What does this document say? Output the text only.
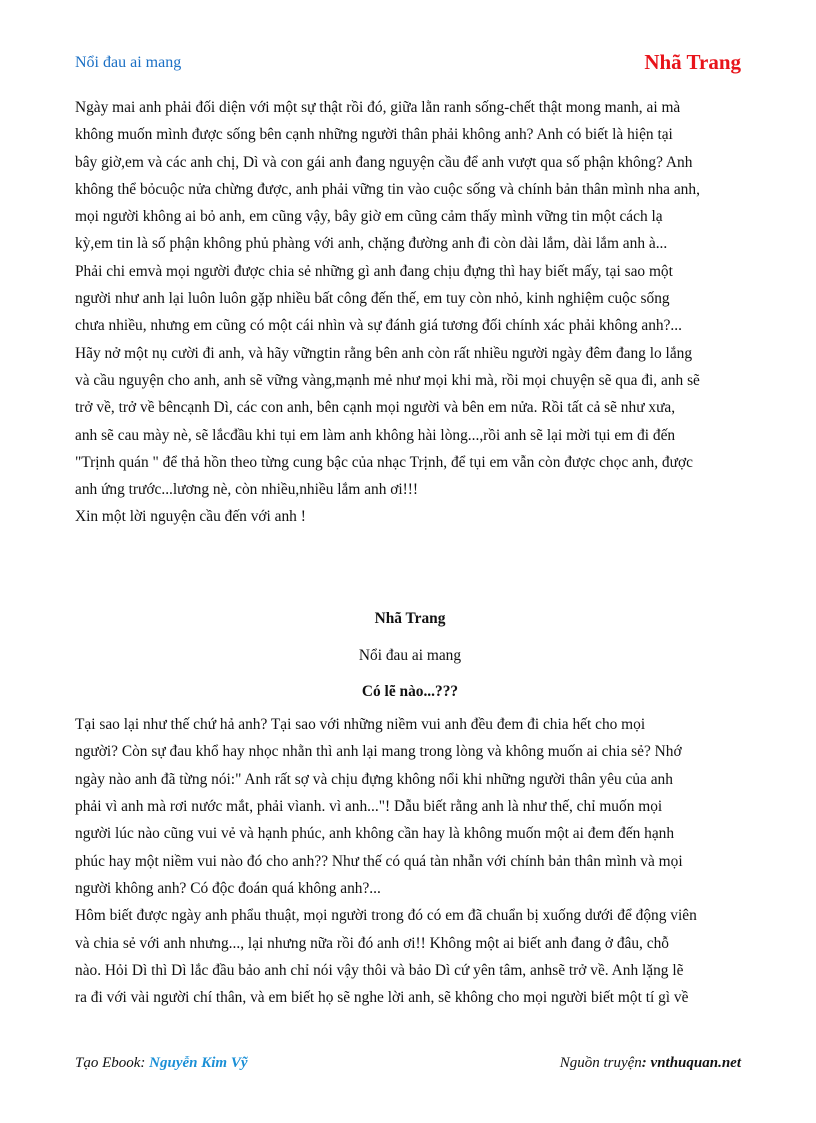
Nổi đau ai mang	Nhã Trang

Ngày mai anh phải đối diện với một sự thật rồi đó, giữa lằn ranh sống-chết thật mong manh, ai mà
không muốn mình được sống bên cạnh những người thân phải không anh? Anh có biết là hiện tại
bây giờ,em và các anh chị, Dì và con gái anh đang nguyện cầu để anh vượt qua số phận không? Anh
không thể bỏcuộc nửa chừng được, anh phải vững tin vào cuộc sống và chính bản thân mình nha anh,
mọi người không ai bỏ anh, em cũng vậy, bây giờ em cũng cảm thấy mình vững tin một cách lạ
kỳ,em tin là số phận không phủ phàng với anh, chặng đường anh đi còn dài lắm, dài lắm anh à...
Phải chi emvà mọi người được chia sẻ những gì anh đang chịu đựng thì hay biết mấy, tại sao một
người như anh lại luôn luôn gặp nhiều bất công đến thế, em tuy còn nhỏ, kinh nghiệm cuộc sống
chưa nhiều, nhưng em cũng có một cái nhìn và sự đánh giá tương đối chính xác phải không anh?...
Hãy nở một nụ cười đi anh, và hãy vữngtin rằng bên anh còn rất nhiều người ngày đêm đang lo lắng
và cầu nguyện cho anh, anh sẽ vững vàng,mạnh mẻ như mọi khi mà, rồi mọi chuyện sẽ qua đi, anh sẽ
trở về, trở về bêncạnh Dì, các con anh, bên cạnh mọi người và bên em nửa. Rồi tất cả sẽ như xưa,
anh sẽ cau mày nè, sẽ lắcđầu khi tụi em làm anh không hài lòng...,rồi anh sẽ lại mời tụi em đi đến
"Trịnh quán " để thả hồn theo từng cung bậc của nhạc Trịnh, để tụi em vẫn còn được chọc anh, được
anh ứng trước...lương nè, còn nhiều,nhiều lắm anh ơi!!!
Xin một lời nguyện cầu đến với anh !

Nhã Trang

Nổi đau ai mang

Có lẽ nào...???

Tại sao lại như thế chứ hả anh? Tại sao với những niềm vui anh đều đem đi chia hết cho mọi
người? Còn sự đau khổ hay nhọc nhằn thì anh lại mang trong lòng và không muốn ai chia sẻ? Nhớ
ngày nào anh đã từng nói:" Anh rất sợ và chịu đựng không nổi khi những người thân yêu của anh
phải vì anh mà rơi nước mắt, phải vìanh. vì anh..."! Dẫu biết rằng anh là như thế, chỉ muốn mọi
người lúc nào cũng vui vẻ và hạnh phúc, anh không cần hay là không muốn một ai đem đến hạnh
phúc hay một niềm vui nào đó cho anh?? Như thế có quá tàn nhẫn với chính bản thân mình và mọi
người không anh? Có độc đoán quá không anh?...

Hôm biết được ngày anh phẩu thuật, mọi người trong đó có em đã chuẩn bị xuống dưới để động viên
và chia sẻ với anh nhưng..., lại nhưng nữa rồi đó anh ơi!! Không một ai biết anh đang ở đâu, chỗ
nào. Hỏi Dì thì Dì lắc đầu bảo anh chỉ nói vậy thôi và bảo Dì cứ yên tâm, anhsẽ trở về. Anh lặng lẽ
ra đi với vài người chí thân, và em biết họ sẽ nghe lời anh, sẽ không cho mọi người biết một tí gì về

Tạo Ebook: Nguyễn Kim Vỹ	Nguồn truyện: vnthuquan.net
